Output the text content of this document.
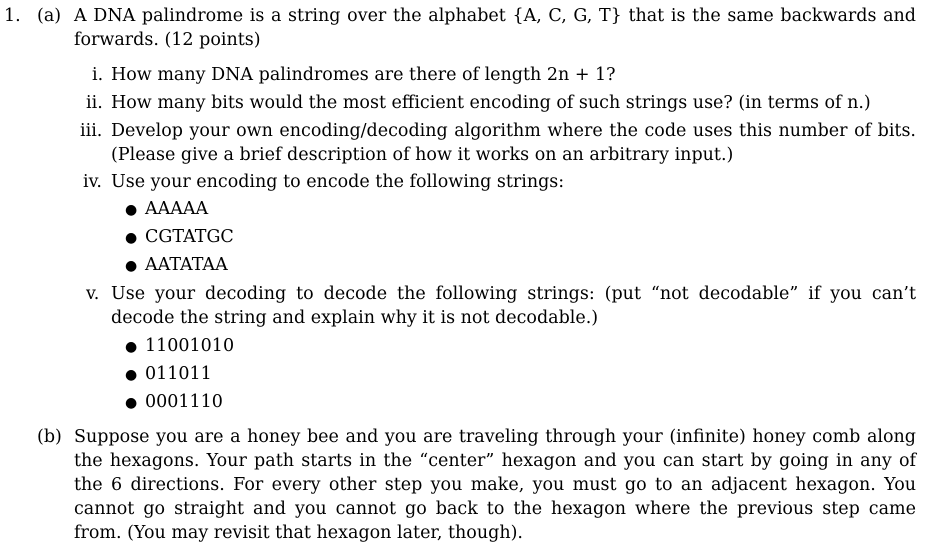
1. (a) A DNA palindrome is a string over the alphabet {A, C, G, T} that is the same backwards and forwards. (12 points)
i. How many DNA palindromes are there of length 2n + 1?
ii. How many bits would the most efficient encoding of such strings use? (in terms of n.)
iii. Develop your own encoding/decoding algorithm where the code uses this number of bits. (Please give a brief description of how it works on an arbitrary input.)
iv. Use your encoding to encode the following strings:
● AAAAA
● CGTATGC
● AATATAA
v. Use your decoding to decode the following strings: (put “not decodable” if you can’t decode the string and explain why it is not decodable.)
● 11001010
● 011011
● 0001110
(b) Suppose you are a honey bee and you are traveling through your (infinite) honey comb along the hexagons. Your path starts in the “center” hexagon and you can start by going in any of the 6 directions. For every other step you make, you must go to an adjacent hexagon. You cannot go straight and you cannot go back to the hexagon where the previous step came from. (You may revisit that hexagon later, though).
